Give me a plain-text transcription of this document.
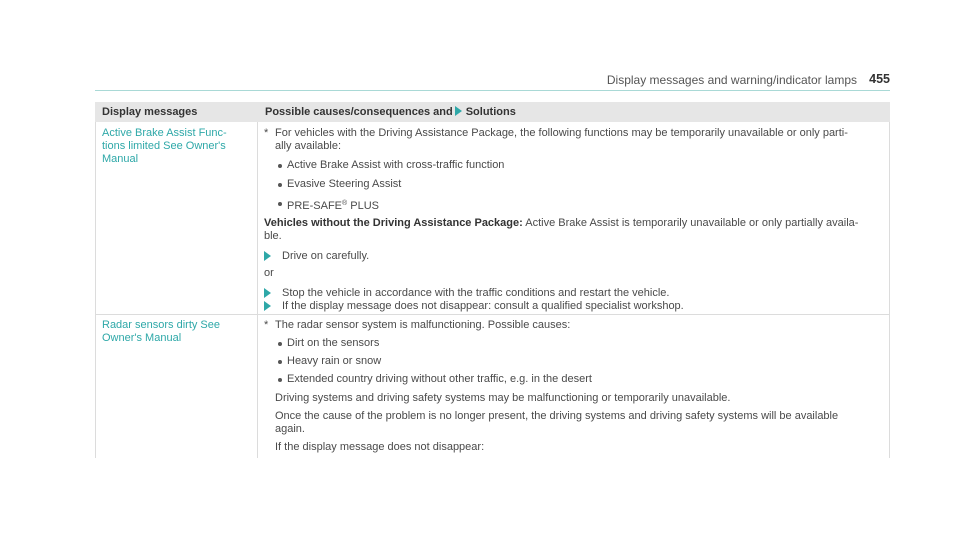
Display messages and warning/indicator lamps 455
Display messages	Possible causes/consequences and Solutions
Active Brake Assist Func-
tions limited See Owner's
Manual
* For vehicles with the Driving Assistance Package, the following functions may be temporarily unavailable or only parti-
ally available:
Active Brake Assist with cross-traffic function
Evasive Steering Assist
PRE-SAFE® PLUS
Vehicles without the Driving Assistance Package: Active Brake Assist is temporarily unavailable or only partially availa-
ble.
Drive on carefully.
or
Stop the vehicle in accordance with the traffic conditions and restart the vehicle.
If the display message does not disappear: consult a qualified specialist workshop.
Radar sensors dirty See
Owner's Manual
* The radar sensor system is malfunctioning. Possible causes:
Dirt on the sensors
Heavy rain or snow
Extended country driving without other traffic, e.g. in the desert
Driving systems and driving safety systems may be malfunctioning or temporarily unavailable.
Once the cause of the problem is no longer present, the driving systems and driving safety systems will be available
again.
If the display message does not disappear:
